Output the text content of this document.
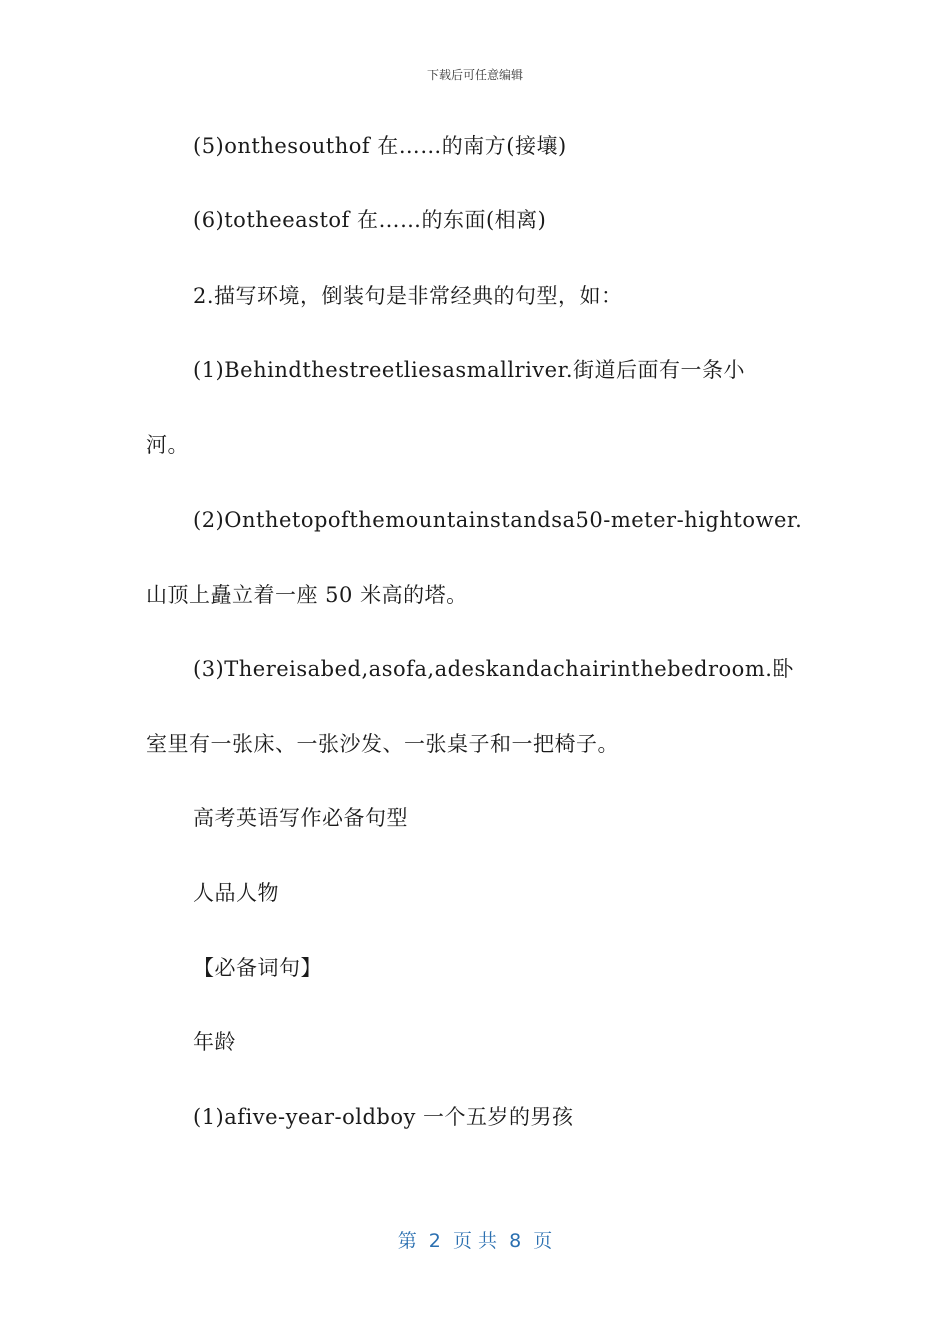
下载后可任意编辑
(5)onthesouthof 在……的南方(接壤)
(6)totheeastof 在……的东面(相离)
2.描写环境，倒装句是非常经典的句型，如：
(1)Behindthestreetliesasmallriver.街道后面有一条小
河。
(2)Onthetopofthemountainstandsa50-meter-hightower.
山顶上矗立着一座 50 米高的塔。
(3)Thereisabed,asofa,adeskandachairinthebedroom.卧
室里有一张床、一张沙发、一张桌子和一把椅子。
高考英语写作必备句型
人品人物
【必备词句】
年龄
(1)afive-year-oldboy 一个五岁的男孩
第  2  页 共  8  页
